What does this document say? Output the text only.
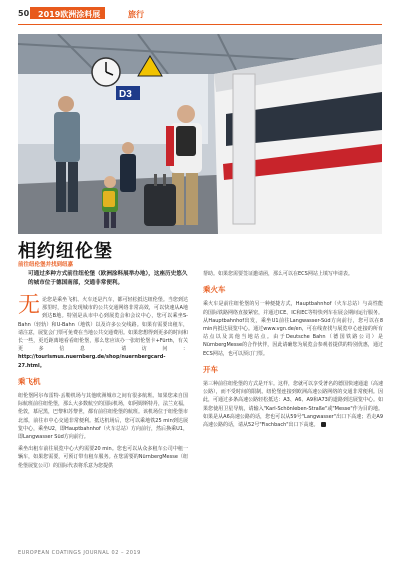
50 2019欧洲涂料展	旅行
D3
相约纽伦堡
前往纽伦堡并找到纽嘉
可通过多种方式前往纽伦堡（欧洲涂料展举办地），这座历史悠久的城市位于德国南部，交通非常便利。

无论您是乘坐飞机、火车还是汽车，都可轻松抵达纽伦堡。当您到达那里时，您会发现城市的公共交通网络非常高效，可以快速从A地到达B地。特别是从市中心到展览会和会议中心，您可以乘坐S-Bahn（轻轨）和U-Bahn（地铁）以及许多公交线路。如果有需要出租车，请注意，展览会门票可免费在当地公共交通费用。如果您想得到更多的时间和长一些，更近距离地看看纽伦堡，那么您应该办一张纽伦堡卡+Fürth，有关更多信息，请访问：http://tourismus.nuernberg.de/shop/nuernbergcard-27.html。

乘飞机

纽伦堡阿尔布雷特·丢勒机场与其他欧洲城市之间有很多航班。如果您来自国际航班前往纽伦堡，那么大多数航空的国际机场，如阿姆斯特丹，法兰克福，伦敦，慕尼黑，巴黎和苏黎世，都有前往纽伦堡的航班。该机场位于纽伦堡市北部，前往市中心交通非常便利。抵达机场后，您可以乘地铁25 min到达展览中心，乘坐U2，即Hauptbahnhof（火车总站）方向前行，然后换乘U1，即Langwasser Süd方向前行。

乘坐出租车前往展览中心大约需要20 min。您也可以从众多租车公司中租一辆车，如果您需要，可预订带有租车服务。在您需要的NürnbergMesse（纽伦堡展览公司）的国际代表将乐意为您提供

帮助。如果您需要签证邀请函，那么可以在ECS网站上填写申请表。

乘火车

乘火车是前往纽伦堡的另一种便捷方式，Hauptbahnhof（火车总站）与高性能的国际铁路网络直接紧密，并通过ICE、IC和EC等特快列车在展会期间运行服务。从Hauptbahnhof出发，乘坐U1前往Langwasser-Süd方向前行，您可以在8 min内抵达展览中心。通过www.vgn.de/en，可在线查找与展览中心连接的所有站点以及其他当地站点。由于Deutsche Bahn（德国铁路公司）是NürnbergMesse的合作伙伴，因此请确您为展览会参观者提供的特别优惠，通过ECS网站，也可以预订门票。

开车

第三种前往纽伦堡的方式是开车。这样，您就可以享受著名的德国快速通道（高速公路），而不受时间的限制。纽伦堡连接到欧洲高速公路网络的交通非常便利。因此，可通过多条高速公路轻松抵达：A3、A6、A9和A73的道路到达展览中心。如果您使用卫星导航，请输入"Karl-Schönleben-Straße"或"Messe"作为目的地。如果是从A6高速公路的话，您也可以从59号"Langwasser"出口下高速；若走A9高速公路的话，请从52号"Fischbach"出口下高速。

EUROPEAN COATINGS JOURNAL 02 – 2019
